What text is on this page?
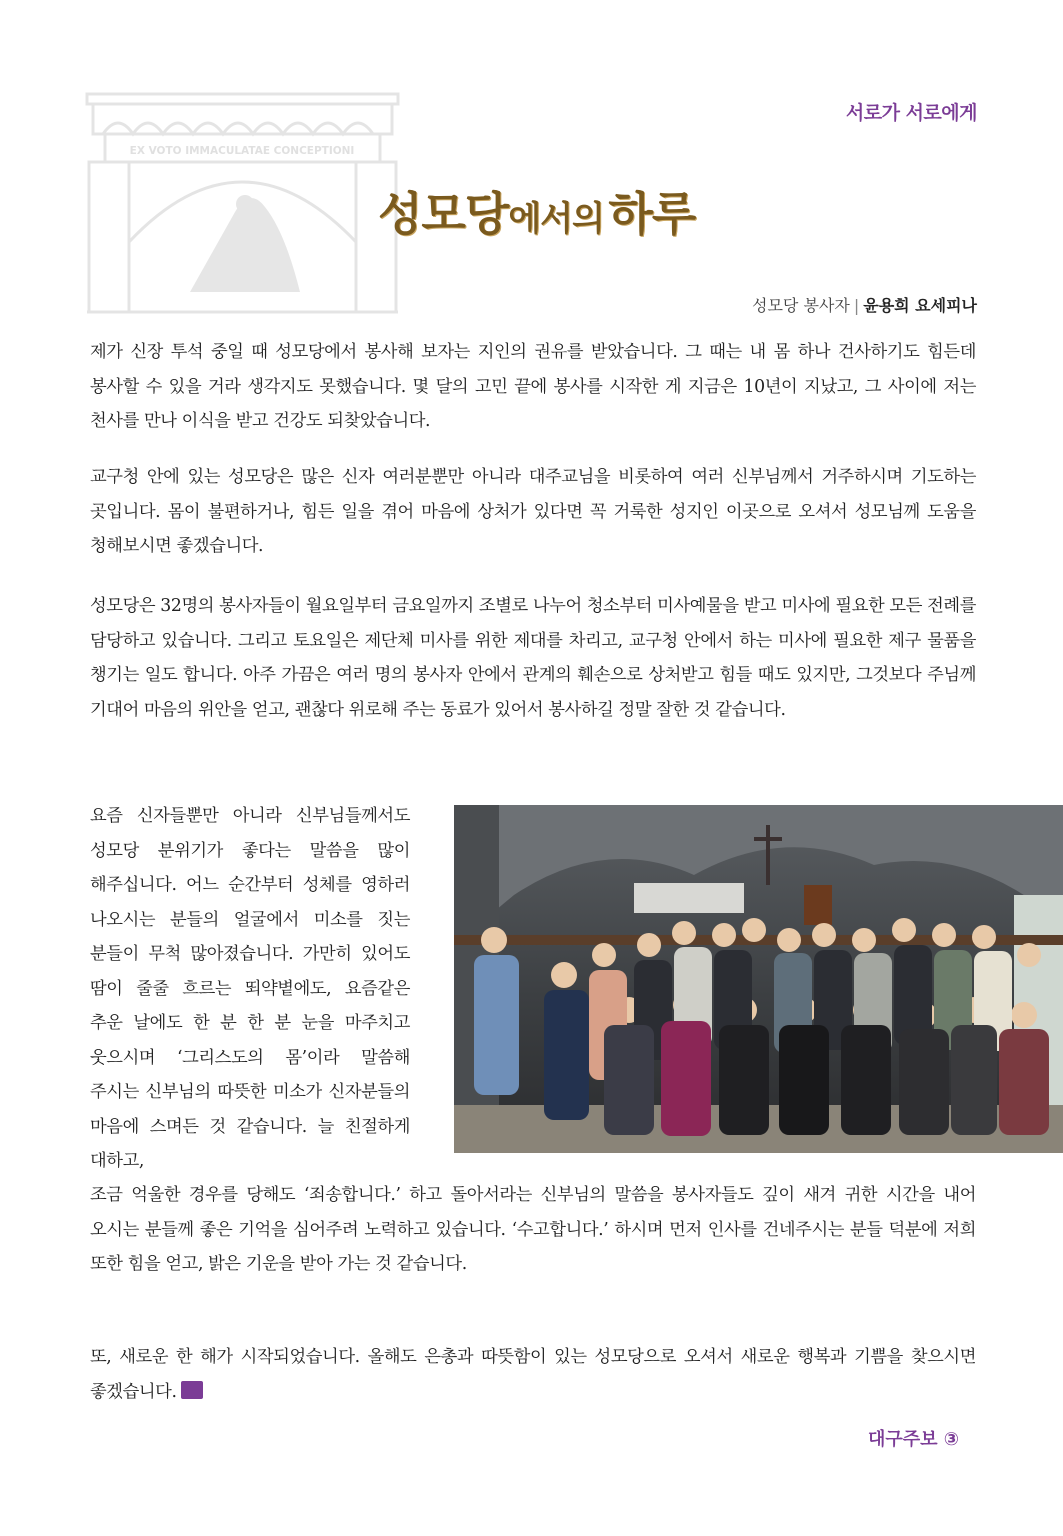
EX VOTO IMMACULATAE CONCEPTIONI
서로가 서로에게
성모당에서의 하루
성모당 봉사자 | 윤용희 요세피나

제가 신장 투석 중일 때 성모당에서 봉사해 보자는 지인의 권유를 받았습니다. 그 때는 내 몸 하나 건사하기도 힘든데 봉사할 수 있을 거라 생각지도 못했습니다. 몇 달의 고민 끝에 봉사를 시작한 게 지금은 10년이 지났고, 그 사이에 저는 천사를 만나 이식을 받고 건강도 되찾았습니다.

교구청 안에 있는 성모당은 많은 신자 여러분뿐만 아니라 대주교님을 비롯하여 여러 신부님께서 거주하시며 기도하는 곳입니다. 몸이 불편하거나, 힘든 일을 겪어 마음에 상처가 있다면 꼭 거룩한 성지인 이곳으로 오셔서 성모님께 도움을 청해보시면 좋겠습니다.

성모당은 32명의 봉사자들이 월요일부터 금요일까지 조별로 나누어 청소부터 미사예물을 받고 미사에 필요한 모든 전례를 담당하고 있습니다. 그리고 토요일은 제단체 미사를 위한 제대를 차리고, 교구청 안에서 하는 미사에 필요한 제구 물품을 챙기는 일도 합니다. 아주 가끔은 여러 명의 봉사자 안에서 관계의 훼손으로 상처받고 힘들 때도 있지만, 그것보다 주님께 기대어 마음의 위안을 얻고, 괜찮다 위로해 주는 동료가 있어서 봉사하길 정말 잘한 것 같습니다.

요즘 신자들뿐만 아니라 신부님들께서도 성모당 분위기가 좋다는 말씀을 많이 해주십니다. 어느 순간부터 성체를 영하러 나오시는 분들의 얼굴에서 미소를 짓는 분들이 무척 많아졌습니다. 가만히 있어도 땀이 줄줄 흐르는 뙤약볕에도, 요즘같은 추운 날에도 한 분 한 분 눈을 마주치고 웃으시며 ‘그리스도의 몸’이라 말씀해 주시는 신부님의 따뜻한 미소가 신자분들의 마음에 스며든 것 같습니다. 늘 친절하게 대하고,

조금 억울한 경우를 당해도 ‘죄송합니다.’ 하고 돌아서라는 신부님의 말씀을 봉사자들도 깊이 새겨 귀한 시간을 내어 오시는 분들께 좋은 기억을 심어주려 노력하고 있습니다. ‘수고합니다.’ 하시며 먼저 인사를 건네주시는 분들 덕분에 저희 또한 힘을 얻고, 밝은 기운을 받아 가는 것 같습니다.

또, 새로운 한 해가 시작되었습니다. 올해도 은총과 따뜻함이 있는 성모당으로 오셔서 새로운 행복과 기쁨을 찾으시면 좋겠습니다.

대구주보 ③
